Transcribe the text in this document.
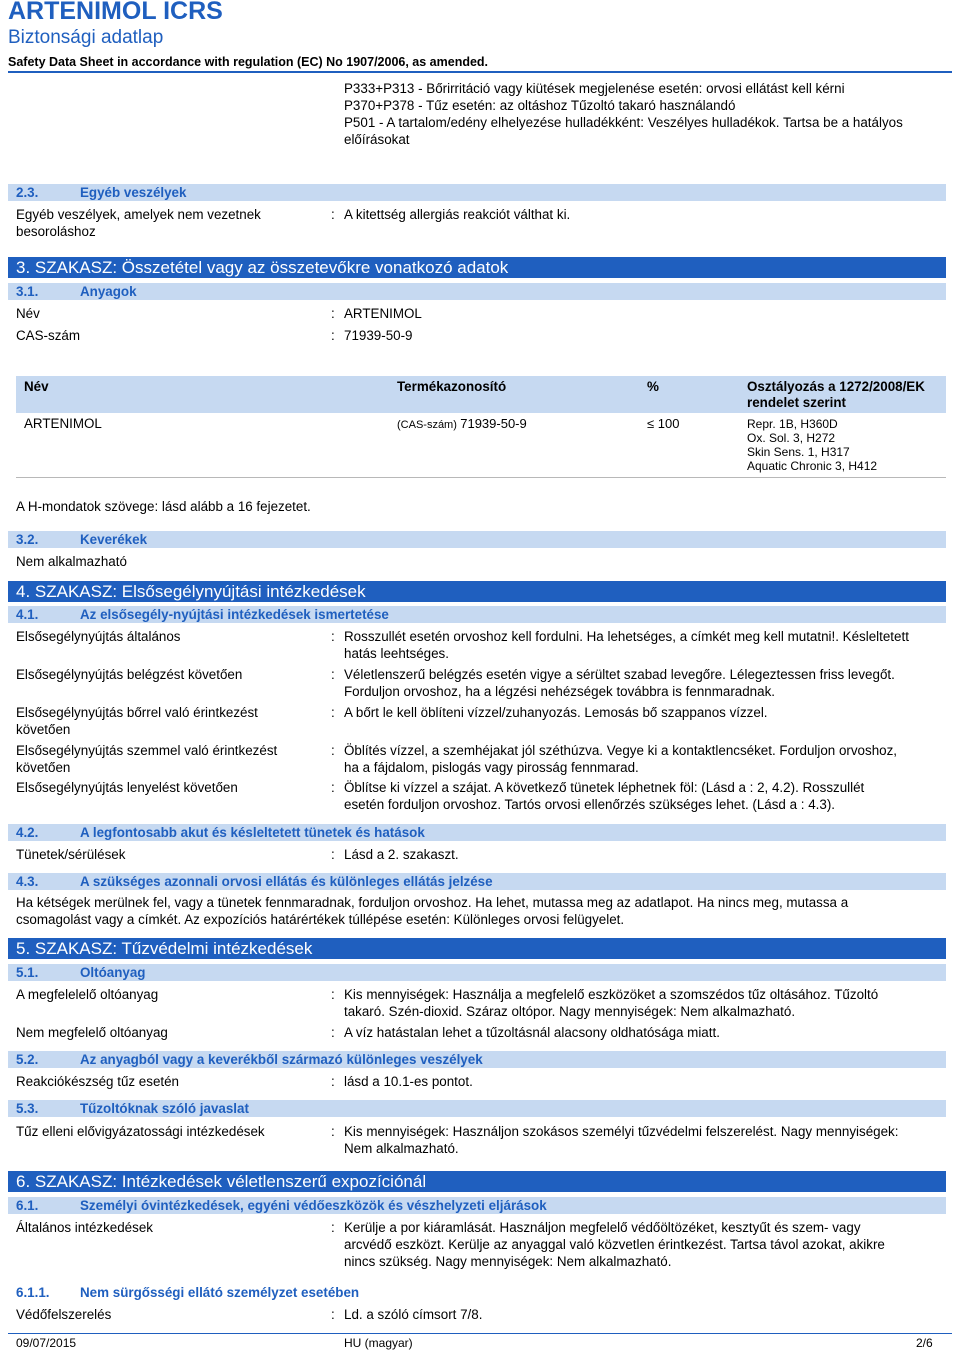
ARTENIMOL ICRS
Biztonsági adatlap
Safety Data Sheet in accordance with regulation (EC) No 1907/2006, as amended.
P333+P313 - Bőrirritáció vagy kiütések megjelenése esetén: orvosi ellátást kell kérni
P370+P378 - Tűz esetén: az oltáshoz Tűzoltó takaró használandó
P501 - A tartalom/edény elhelyezése hulladékként: Veszélyes hulladékok. Tartsa be a hatályos
előírásokat
2.3.	Egyéb veszélyek
Egyéb veszélyek, amelyek nem vezetnek
besoroláshoz
: A kitettség allergiás reakciót válthat ki.
3. SZAKASZ: Összetétel vagy az összetevőkre vonatkozó adatok
3.1.	Anyagok
Név	: ARTENIMOL
CAS-szám	: 71939-50-9
Név	Termékazonosító	%	Osztályozás a 1272/2008/EK rendelet szerint
ARTENIMOL	(CAS-szám) 71939-50-9	≤ 100	Repr. 1B, H360D
Ox. Sol. 3, H272
Skin Sens. 1, H317
Aquatic Chronic 3, H412
A H-mondatok szövege: lásd alább a 16 fejezetet.
3.2.	Keverékek
Nem alkalmazható
4. SZAKASZ: Elsősegélynyújtási intézkedések
4.1.	Az elsősegély-nyújtási intézkedések ismertetése
Elsősegélynyújtás általános	: Rosszullét esetén orvoshoz kell fordulni. Ha lehetséges, a címkét meg kell mutatni!. Késleltetett
hatás leehtséges.
Elsősegélynyújtás belégzést követően	: Véletlenszerű belégzés esetén vigye a sérültet szabad levegőre. Lélegeztessen friss levegőt.
Forduljon orvoshoz, ha a légzési nehézségek továbbra is fennmaradnak.
Elsősegélynyújtás bőrrel való érintkezést
követően
: A bőrt le kell öblíteni vízzel/zuhanyozás. Lemosás bő szappanos vízzel.
Elsősegélynyújtás szemmel való érintkezést
követően
: Öblítés vízzel, a szemhéjakat jól széthúzva. Vegye ki a kontaktlencséket. Forduljon orvoshoz,
ha a fájdalom, pislogás vagy pirosság fennmarad.
Elsősegélynyújtás lenyelést követően	: Öblítse ki vízzel a szájat. A következő tünetek léphetnek föl: (Lásd a : 2, 4.2). Rosszullét
esetén forduljon orvoshoz. Tartós orvosi ellenőrzés szükséges lehet. (Lásd a : 4.3).
4.2.	A legfontosabb akut és késleltetett tünetek és hatások
Tünetek/sérülések	: Lásd a 2. szakaszt.
4.3.	A szükséges azonnali orvosi ellátás és különleges ellátás jelzése
Ha kétségek merülnek fel, vagy a tünetek fennmaradnak, forduljon orvoshoz. Ha lehet, mutassa meg az adatlapot. Ha nincs meg, mutassa a
csomagolást vagy a címkét. Az expozíciós határértékek túllépése esetén: Különleges orvosi felügyelet.
5. SZAKASZ: Tűzvédelmi intézkedések
5.1.	Oltóanyag
A megfelelelő oltóanyag	: Kis mennyiségek: Használja a megfelelő eszközöket a szomszédos tűz oltásához. Tűzoltó
takaró. Szén-dioxid. Száraz oltópor. Nagy mennyiségek: Nem alkalmazható.
Nem megfelelő oltóanyag	: A víz hatástalan lehet a tűzoltásnál alacsony oldhatósága miatt.
5.2.	Az anyagból vagy a keverékből származó különleges veszélyek
Reakciókészség tűz esetén	: lásd a 10.1-es pontot.
5.3.	Tűzoltóknak szóló javaslat
Tűz elleni elővigyázatossági intézkedések	: Kis mennyiségek: Használjon szokásos személyi tűzvédelmi felszerelést. Nagy mennyiségek:
Nem alkalmazható.
6. SZAKASZ: Intézkedések véletlenszerű expozíciónál
6.1.	Személyi óvintézkedések, egyéni védőeszközök és vészhelyzeti eljárások
Általános intézkedések	: Kerülje a por kiáramlását. Használjon megfelelő védőöltözéket, kesztyűt és szem- vagy
arcvédő eszközt. Kerülje az anyaggal való közvetlen érintkezést. Tartsa távol azokat, akikre
nincs szükség. Nagy mennyiségek: Nem alkalmazható.
6.1.1. Nem sürgősségi ellátó személyzet esetében
Védőfelszerelés	: Ld. a szóló címsort 7/8.
09/07/2015	HU (magyar)	2/6
